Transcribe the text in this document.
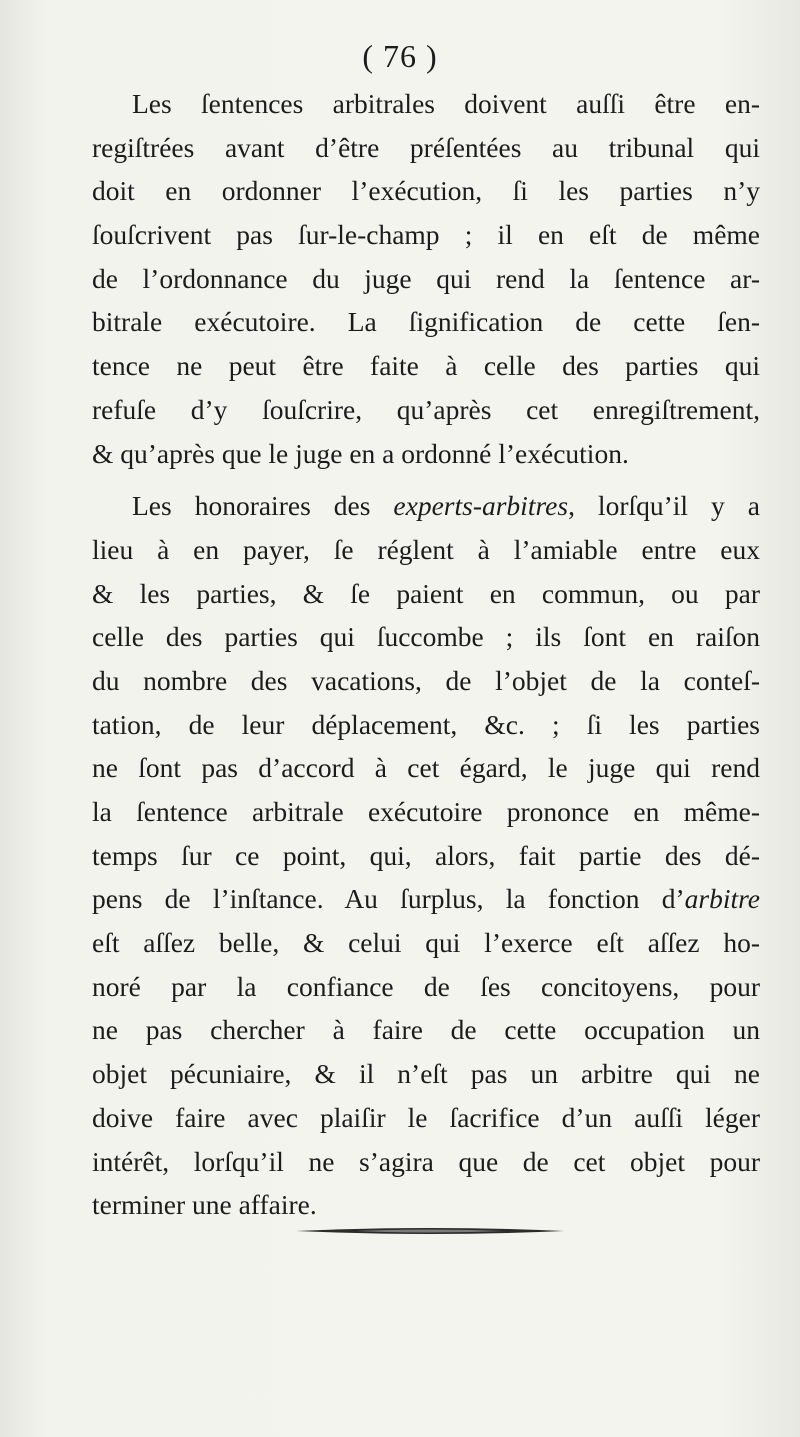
( 76 )
Les ſentences arbitrales doivent auſſi être en-
regiſtrées avant d’être préſentées au tribunal qui
doit en ordonner l’exécution, ſi les parties n’y
ſouſcrivent pas ſur-le-champ ; il en eſt de même
de l’ordonnance du juge qui rend la ſentence ar-
bitrale exécutoire. La ſignification de cette ſen-
tence ne peut être faite à celle des parties qui
refuſe d’y ſouſcrire, qu’après cet enregiſtrement,
& qu’après que le juge en a ordonné l’exécution.
Les honoraires des experts-arbitres, lorſqu’il y a
lieu à en payer, ſe réglent à l’amiable entre eux
& les parties, & ſe paient en commun, ou par
celle des parties qui ſuccombe ; ils ſont en raiſon
du nombre des vacations, de l’objet de la conteſ-
tation, de leur déplacement, &c. ; ſi les parties
ne ſont pas d’accord à cet égard, le juge qui rend
la ſentence arbitrale exécutoire prononce en même-
temps ſur ce point, qui, alors, fait partie des dé-
pens de l’inſtance. Au ſurplus, la fonction d’arbitre
eſt aſſez belle, & celui qui l’exerce eſt aſſez ho-
noré par la confiance de ſes concitoyens, pour
ne pas chercher à faire de cette occupation un
objet pécuniaire, & il n’eſt pas un arbitre qui ne
doive faire avec plaiſir le ſacrifice d’un auſſi léger
intérêt, lorſqu’il ne s’agira que de cet objet pour
terminer une affaire.
